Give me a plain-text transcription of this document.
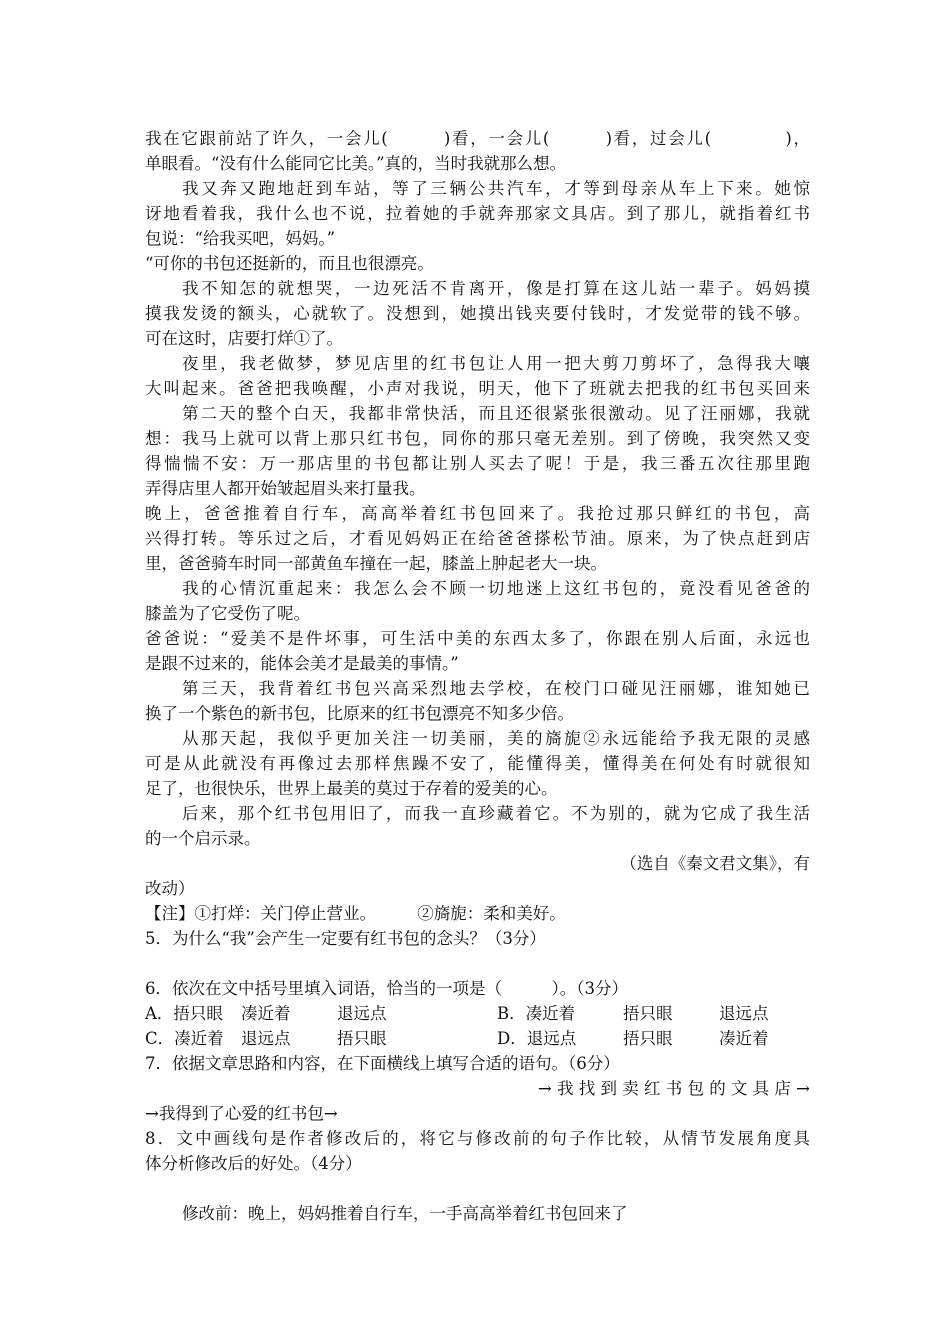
我在它跟前站了许久，一会儿(　　　)看，一会儿(　　　)看，过会儿(　　　　)，
单眼看。“没有什么能同它比美。”真的，当时我就那么想。
我又奔又跑地赶到车站，等了三辆公共汽车，才等到母亲从车上下来。她惊
讶地看着我，我什么也不说，拉着她的手就奔那家文具店。到了那儿，就指着红书
包说：“给我买吧，妈妈。”
“可你的书包还挺新的，而且也很漂亮。
我不知怎的就想哭，一边死活不肯离开，像是打算在这儿站一辈子。妈妈摸
摸我发烫的额头，心就软了。没想到，她摸出钱夹要付钱时，才发觉带的钱不够。
可在这时，店要打烊①了。
夜里，我老做梦，梦见店里的红书包让人用一把大剪刀剪坏了，急得我大嚷
大叫起来。爸爸把我唤醒，小声对我说，明天，他下了班就去把我的红书包买回来
第二天的整个白天，我都非常快活，而且还很紧张很激动。见了汪丽娜，我就
想：我马上就可以背上那只红书包，同你的那只毫无差别。到了傍晚，我突然又变
得惴惴不安：万一那店里的书包都让别人买去了呢！于是，我三番五次往那里跑
弄得店里人都开始皱起眉头来打量我。
晚上，爸爸推着自行车，高高举着红书包回来了。我抢过那只鲜红的书包，高
兴得打转。等乐过之后，才看见妈妈正在给爸爸搽松节油。原来，为了快点赶到店
里，爸爸骑车时同一部黄鱼车撞在一起，膝盖上肿起老大一块。
我的心情沉重起来：我怎么会不顾一切地迷上这红书包的，竟没看见爸爸的
膝盖为了它受伤了呢。
爸爸说：“爱美不是件坏事，可生活中美的东西太多了，你跟在别人后面，永远也
是跟不过来的，能体会美才是最美的事情。”
第三天，我背着红书包兴高采烈地去学校，在校门口碰见汪丽娜，谁知她已
换了一个紫色的新书包，比原来的红书包漂亮不知多少倍。
从那天起，我似乎更加关注一切美丽，美的旖旎②永远能给予我无限的灵感
可是从此就没有再像过去那样焦躁不安了，能懂得美，懂得美在何处有时就很知
足了，也很快乐，世界上最美的莫过于存着的爱美的心。
后来，那个红书包用旧了，而我一直珍藏着它。不为别的，就为它成了我生活
的一个启示录。
（选自《秦文君文集》，有
改动）
【注】①打烊：关门停止营业。　　　②旖旎：柔和美好。
5．为什么“我”会产生一定要有红书包的念头？（3分）
6．依次在文中括号里填入词语，恰当的一项是（　　　）。（3分）
A．捂只眼 凑近着	退远点	B．凑近着	捂只眼	退远点
C．凑近着 退远点	捂只眼	D．退远点	捂只眼	凑近着
7．依据文章思路和内容，在下面横线上填写合适的语句。（6分）
→ 我 找 到 卖 红 书 包 的 文 具 店 →
→我得到了心爱的红书包→
8．文中画线句是作者修改后的，将它与修改前的句子作比较，从情节发展角度具
体分析修改后的好处。（4分）
修改前：晚上，妈妈推着自行车，一手高高举着红书包回来了
